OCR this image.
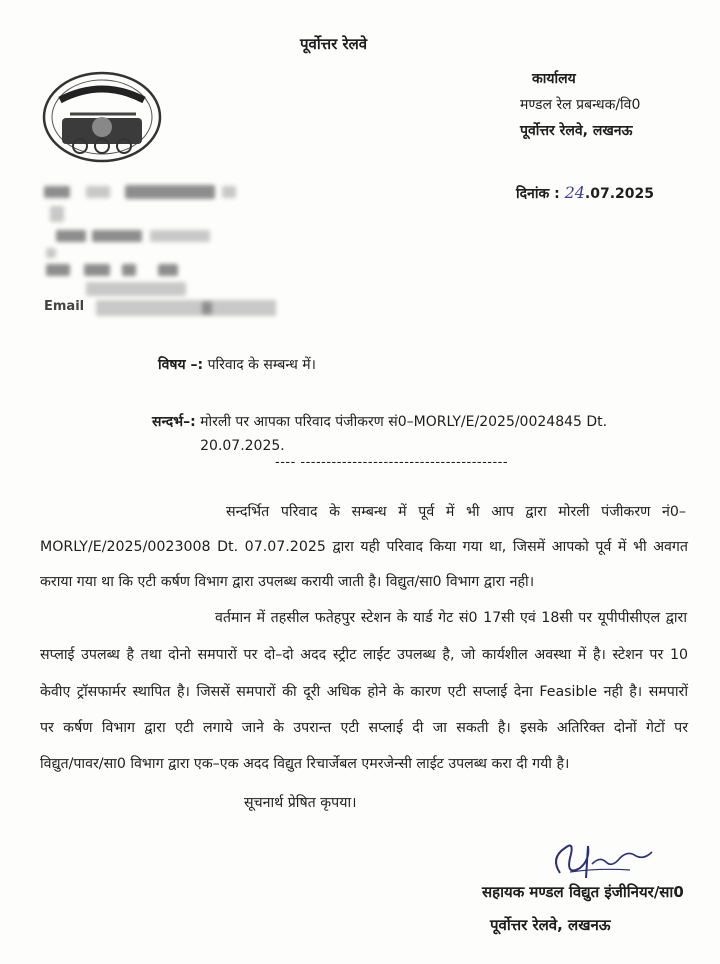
पूर्वोत्तर रेलवे
कार्यालय
मण्डल रेल प्रबन्धक/वि0
पूर्वोत्तर रेलवे, लखनऊ
दिनांक : 24.07.2025
Email
विषय –: परिवाद के सम्बन्ध में।
सन्दर्भ–: मोरली पर आपका परिवाद पंजीकरण सं0–MORLY/E/2025/0024845 Dt. 20.07.2025.
---- ----------------------------------------
सन्दर्भित परिवाद के सम्बन्ध में पूर्व में भी आप द्वारा मोरली पंजीकरण नं0–
MORLY/E/2025/0023008 Dt. 07.07.2025 द्वारा यही परिवाद किया गया था, जिसमें आपको पूर्व में भी अवगत
कराया गया था कि एटी कर्षण विभाग द्वारा उपलब्ध करायी जाती है। विद्युत/सा0 विभाग द्वारा नही।
वर्तमान में तहसील फतेहपुर स्टेशन के यार्ड गेट सं0 17सी एवं 18सी पर यूपीपीसीएल द्वारा
सप्लाई उपलब्ध है तथा दोनो समपारों पर दो–दो अदद स्ट्रीट लाईट उपलब्ध है, जो कार्यशील अवस्था में है। स्टेशन पर 10
केवीए ट्रॉसफार्मर स्थापित है। जिससें समपारों की दूरी अधिक होने के कारण एटी सप्लाई देना Feasible नही है। समपारों
पर कर्षण विभाग द्वारा एटी लगाये जाने के उपरान्त एटी सप्लाई दी जा सकती है। इसके अतिरिक्त दोनों गेटों पर
विद्युत/पावर/सा0 विभाग द्वारा एक–एक अदद विद्युत रिचार्जेबल एमरजेन्सी लाईट उपलब्ध करा दी गयी है।
सूचनार्थ प्रेषित कृपया।
सहायक मण्डल विद्युत इंजीनियर/सा0
पूर्वोत्तर रेलवे, लखनऊ
